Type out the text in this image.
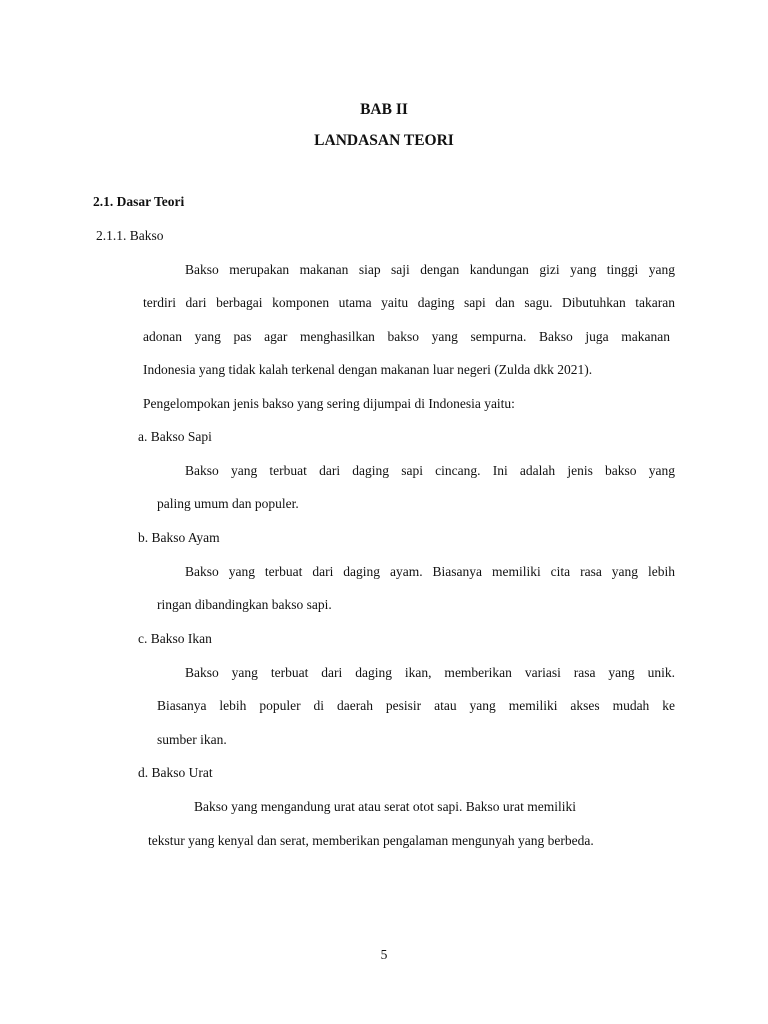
BAB II
LANDASAN TEORI
2.1. Dasar Teori
2.1.1. Bakso
Bakso merupakan makanan siap saji dengan kandungan gizi yang tinggi yang
terdiri dari berbagai komponen utama yaitu daging sapi dan sagu. Dibutuhkan takaran
adonan yang pas agar menghasilkan bakso yang sempurna. Bakso juga makanan
Indonesia yang tidak kalah terkenal dengan makanan luar negeri (Zulda dkk 2021).
Pengelompokan jenis bakso yang sering dijumpai di Indonesia yaitu:
a. Bakso Sapi
Bakso yang terbuat dari daging sapi cincang. Ini adalah jenis bakso yang
paling umum dan populer.
b. Bakso Ayam
Bakso yang terbuat dari daging ayam. Biasanya memiliki cita rasa yang lebih
ringan dibandingkan bakso sapi.
c. Bakso Ikan
Bakso yang terbuat dari daging ikan, memberikan variasi rasa yang unik.
Biasanya lebih populer di daerah pesisir atau yang memiliki akses mudah ke
sumber ikan.
d. Bakso Urat
Bakso yang mengandung urat atau serat otot sapi. Bakso urat memiliki
tekstur yang kenyal dan serat, memberikan pengalaman mengunyah yang berbeda.
5
